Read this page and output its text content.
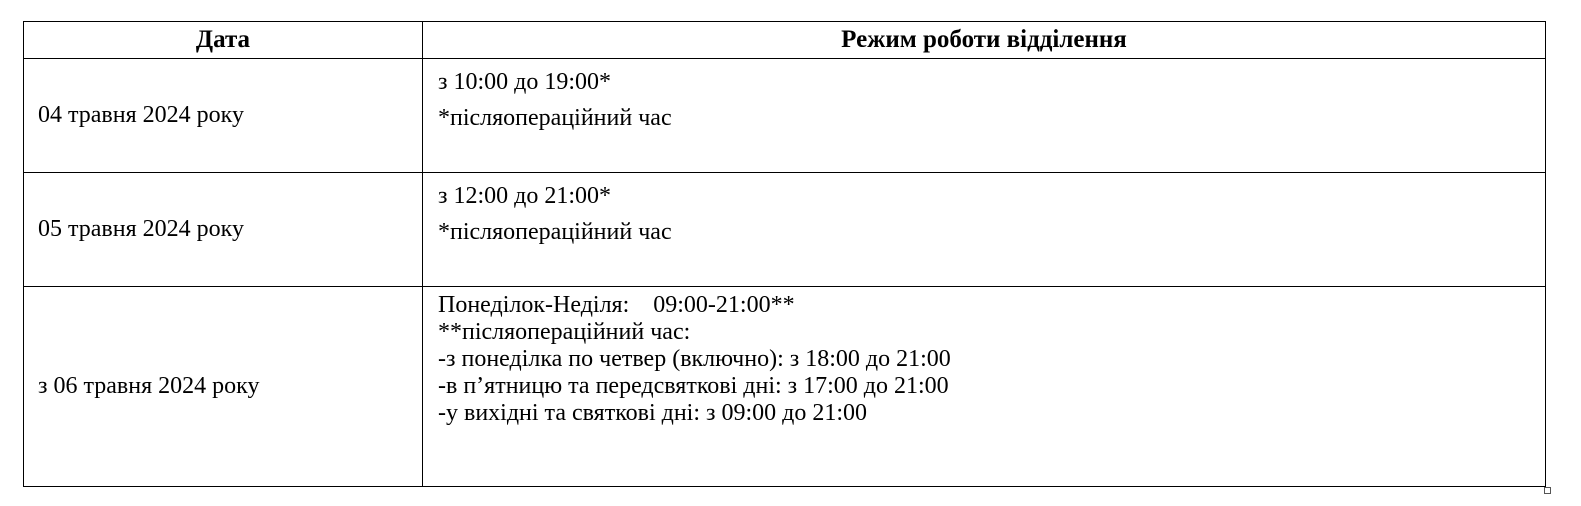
Дата	Режим роботи відділення
04 травня 2024 року	з 10:00 до 19:00*
*післяопераційний час

05 травня 2024 року	з 12:00 до 21:00*
*післяопераційний час

з 06 травня 2024 року	Понеділок-Неділя:    09:00-21:00**
**післяопераційний час:
-з понеділка по четвер (включно): з 18:00 до 21:00
-в п’ятницю та передсвяткові дні: з 17:00 до 21:00
-у вихідні та святкові дні: з 09:00 до 21:00
